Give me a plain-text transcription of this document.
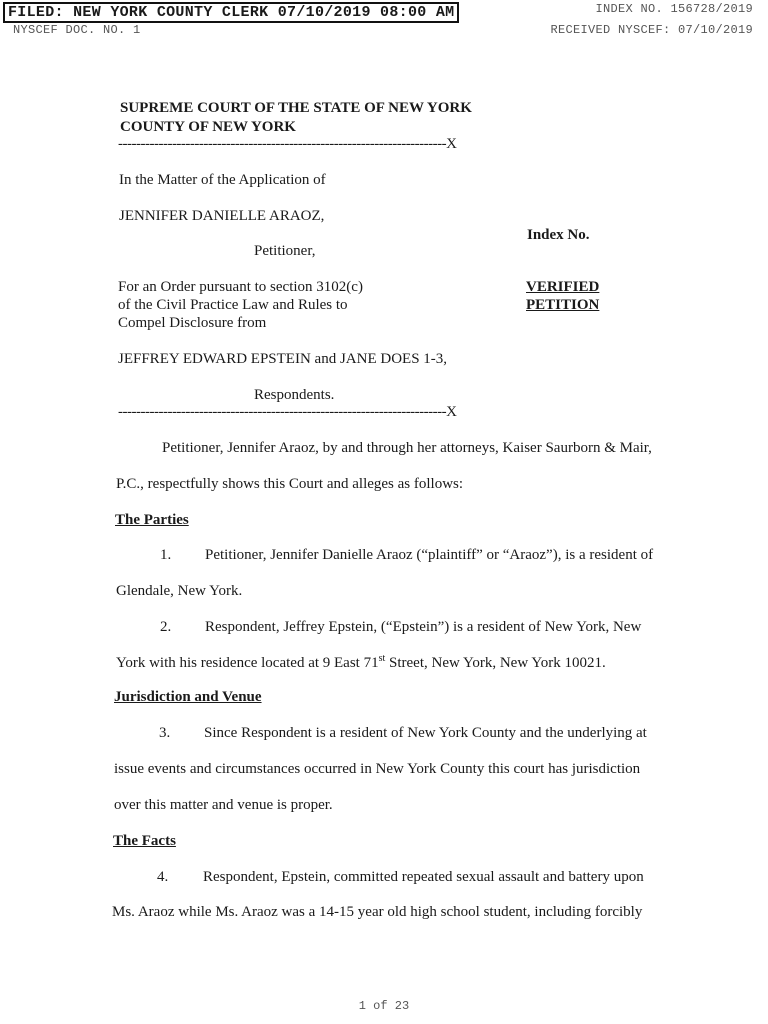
FILED: NEW YORK COUNTY CLERK 07/10/2019 08:00 AM	INDEX NO. 156728/2019
NYSCEF DOC. NO. 1	RECEIVED NYSCEF: 07/10/2019
SUPREME COURT OF THE STATE OF NEW YORK
COUNTY OF NEW YORK
-------------------------------------------------------------------------X
In the Matter of the Application of
JENNIFER DANIELLE ARAOZ,
Index No.
Petitioner,
For an Order pursuant to section 3102(c)
of the Civil Practice Law and Rules to
Compel Disclosure from
VERIFIED
PETITION
JEFFREY EDWARD EPSTEIN and JANE DOES 1-3,
Respondents.
-------------------------------------------------------------------------X
Petitioner, Jennifer Araoz, by and through her attorneys, Kaiser Saurborn & Mair,
P.C., respectfully shows this Court and alleges as follows:
The Parties
1. Petitioner, Jennifer Danielle Araoz (“plaintiff” or “Araoz”), is a resident of
Glendale, New York.
2. Respondent, Jeffrey Epstein, (“Epstein”) is a resident of New York, New
York with his residence located at 9 East 71st Street, New York, New York 10021.
Jurisdiction and Venue
3. Since Respondent is a resident of New York County and the underlying at
issue events and circumstances occurred in New York County this court has jurisdiction
over this matter and venue is proper.
The Facts
4. Respondent, Epstein, committed repeated sexual assault and battery upon
Ms. Araoz while Ms. Araoz was a 14-15 year old high school student, including forcibly
1 of 23
